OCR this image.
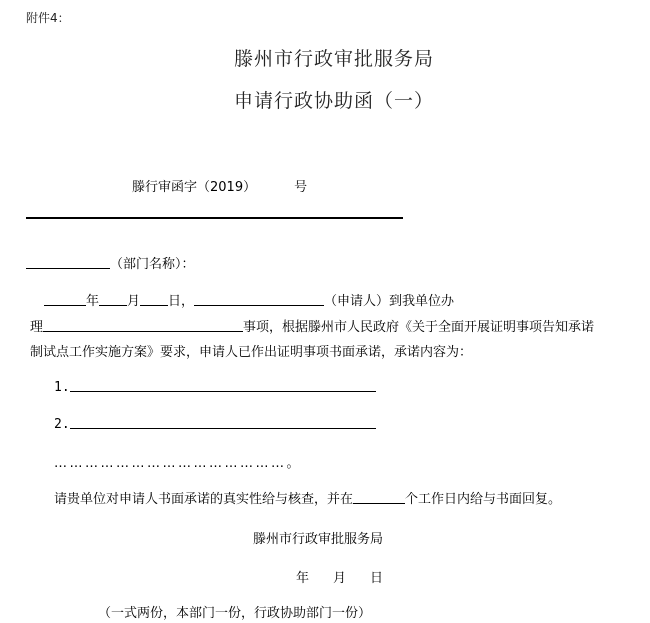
附件4：
滕州市行政审批服务局
申请行政协助函（一）
滕行审函字（2019）	号
（部门名称）：
年 月 日，	（申请人）到我单位办
理	事项，根据滕州市人民政府《关于全面开展证明事项告知承诺
制试点工作实施方案》要求，申请人已作出证明事项书面承诺，承诺内容为：
1.
2.
………………………………………。
请贵单位对申请人书面承诺的真实性给与核查，并在	个工作日内给与书面回复。
滕州市行政审批服务局
年 月 日
（一式两份，本部门一份，行政协助部门一份）
